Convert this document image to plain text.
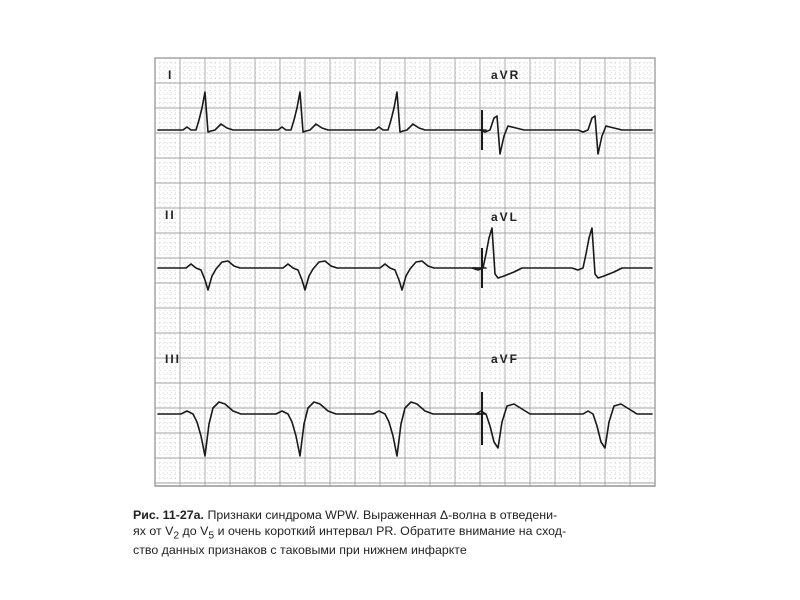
I	aVR
II	aVL
III	aVF
Рис. 11-27а. Признаки синдрома WPW. Выраженная Δ-волна в отведени-
ях от $V_2$ до $V_5$ и очень короткий интервал PR. Обратите внимание на сход-
ство данных признаков с таковыми при нижнем инфаркте
